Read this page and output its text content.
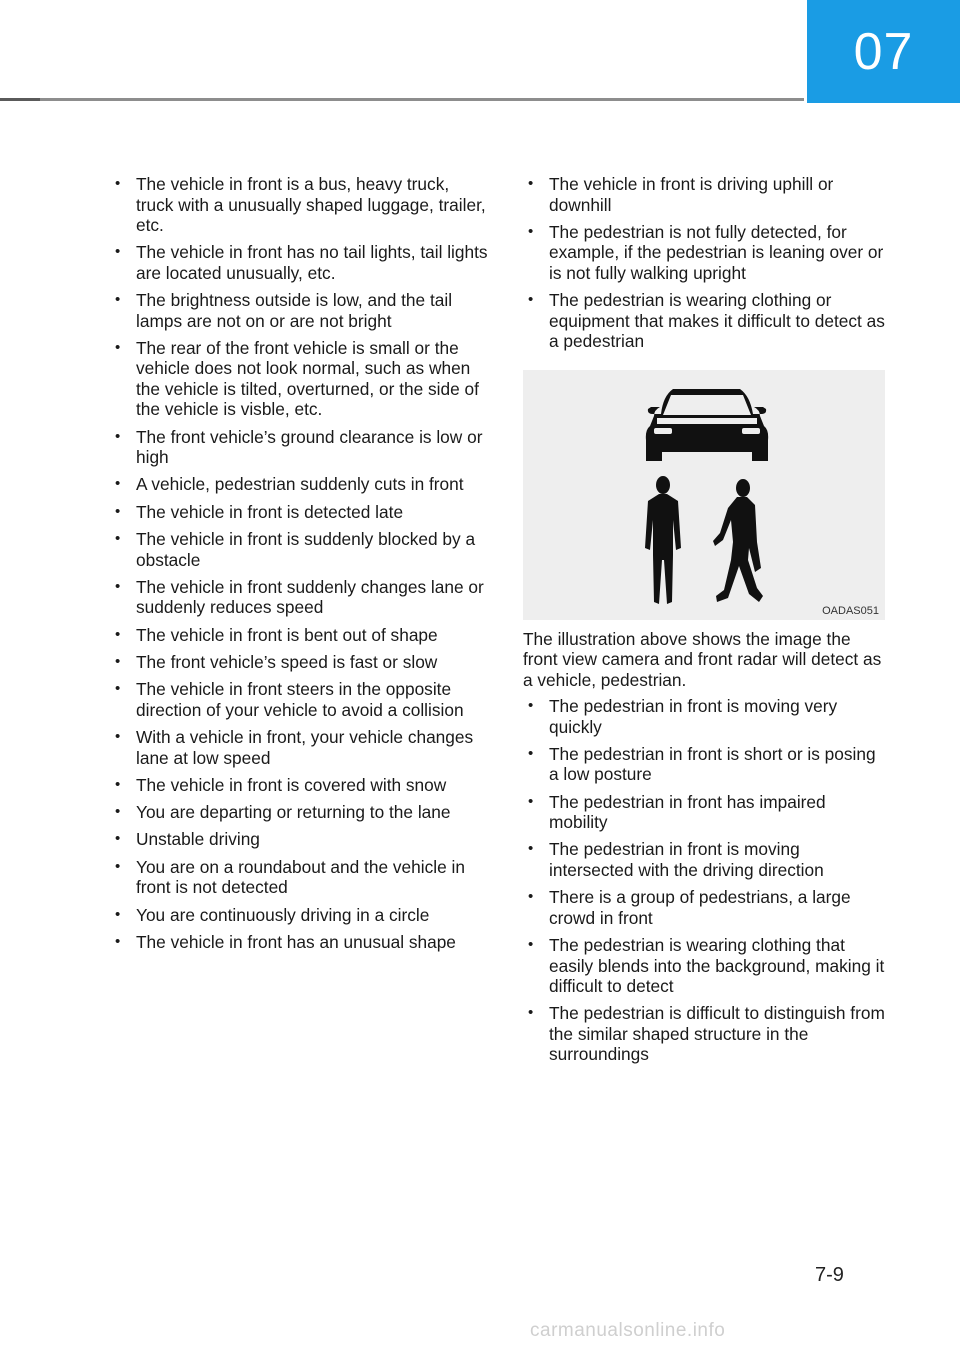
07
• The vehicle in front is a bus, heavy truck, truck with a unusually shaped luggage, trailer, etc.
• The vehicle in front has no tail lights, tail lights are located unusually, etc.
• The brightness outside is low, and the tail lamps are not on or are not bright
• The rear of the front vehicle is small or the vehicle does not look normal, such as when the vehicle is tilted, overturned, or the side of the vehicle is visble, etc.
• The front vehicle’s ground clearance is low or high
• A vehicle, pedestrian suddenly cuts in front
• The vehicle in front is detected late
• The vehicle in front is suddenly blocked by a obstacle
• The vehicle in front suddenly changes lane or suddenly reduces speed
• The vehicle in front is bent out of shape
• The front vehicle’s speed is fast or slow
• The vehicle in front steers in the opposite direction of your vehicle to avoid a collision
• With a vehicle in front, your vehicle changes lane at low speed
• The vehicle in front is covered with snow
• You are departing or returning to the lane
• Unstable driving
• You are on a roundabout and the vehicle in front is not detected
• You are continuously driving in a circle
• The vehicle in front has an unusual shape
• The vehicle in front is driving uphill or downhill
• The pedestrian is not fully detected, for example, if the pedestrian is leaning over or is not fully walking upright
• The pedestrian is wearing clothing or equipment that makes it difficult to detect as a pedestrian
OADAS051

The illustration above shows the image the front view camera and front radar will detect as a vehicle, pedestrian.

• The pedestrian in front is moving very quickly
• The pedestrian in front is short or is posing a low posture
• The pedestrian in front has impaired mobility
• The pedestrian in front is moving intersected with the driving direction
• There is a group of pedestrians, a large crowd in front
• The pedestrian is wearing clothing that easily blends into the background, making it difficult to detect
• The pedestrian is difficult to distinguish from the similar shaped structure in the surroundings
7-9
carmanualsonline.info
